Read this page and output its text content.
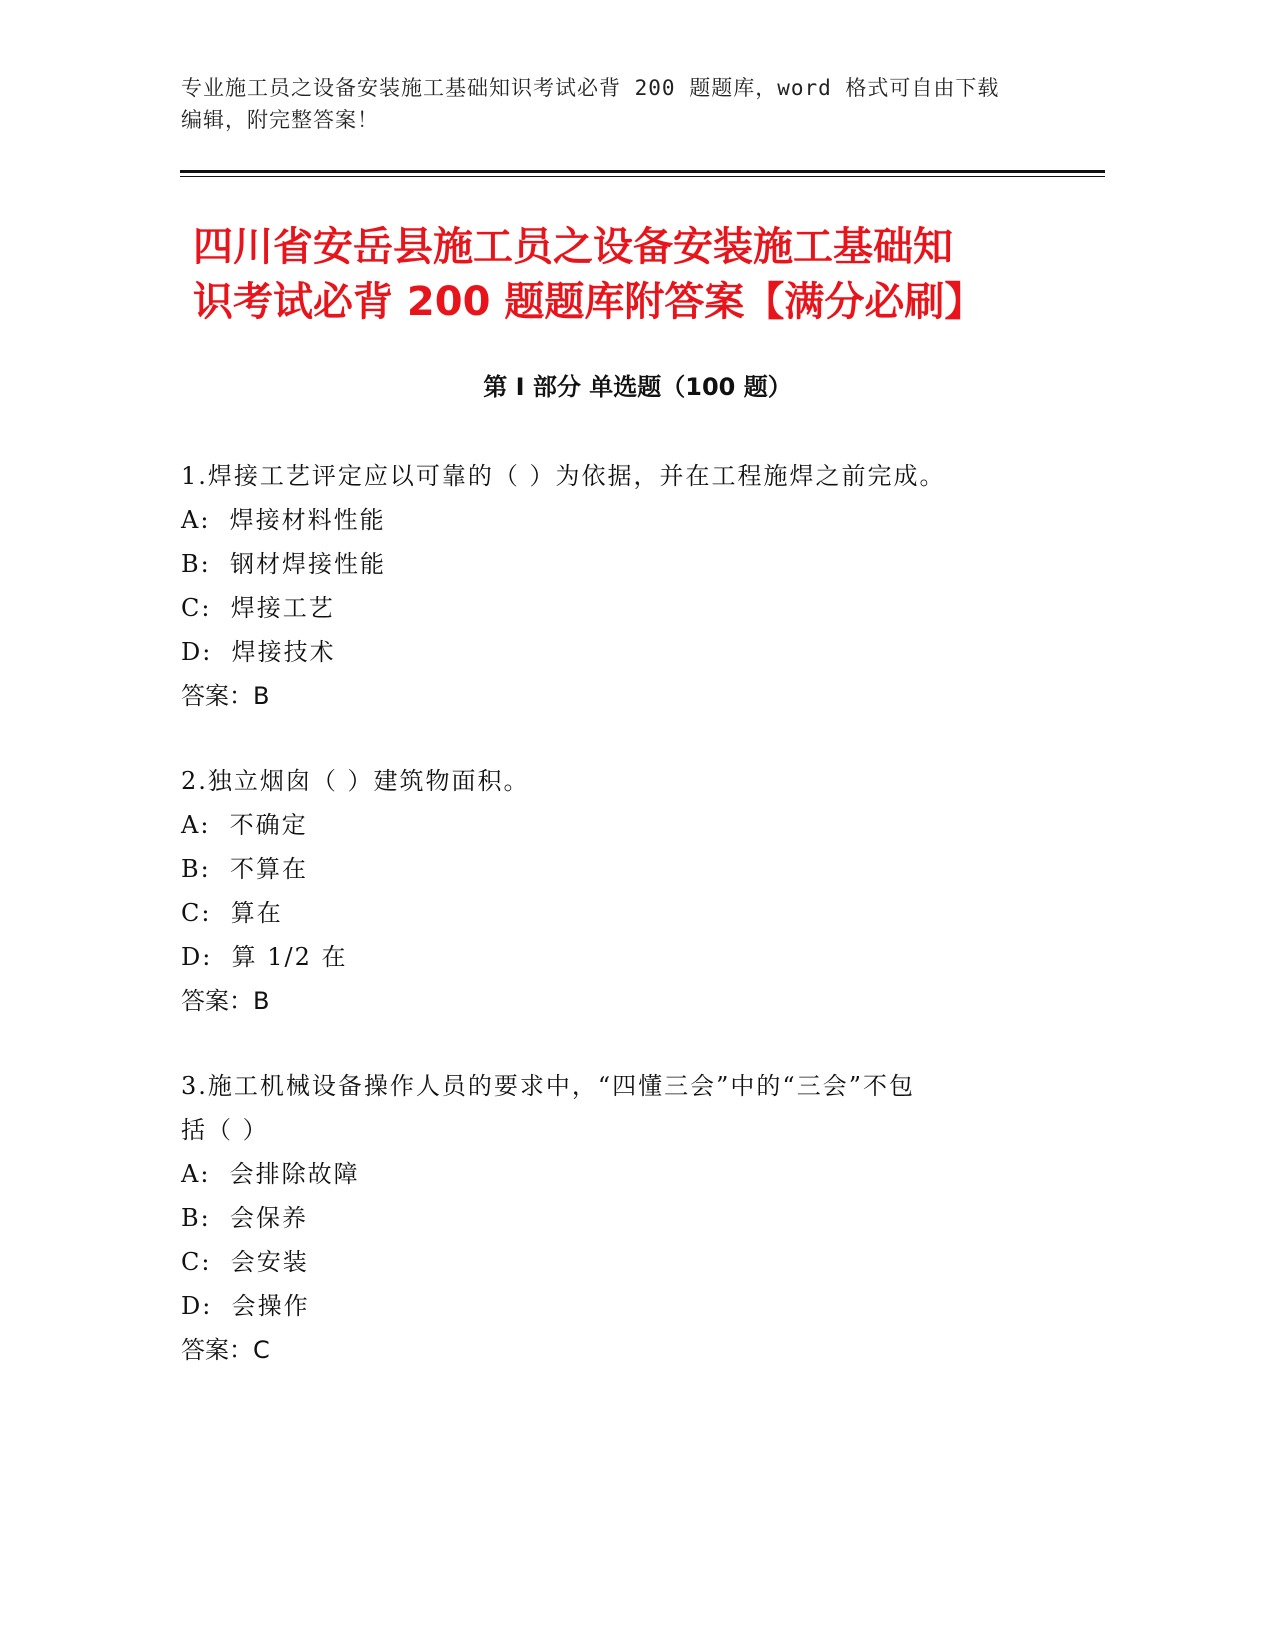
专业施工员之设备安装施工基础知识考试必背 200 题题库，word 格式可自由下载
编辑，附完整答案！
四川省安岳县施工员之设备安装施工基础知
识考试必背 200 题题库附答案【满分必刷】
第 I 部分 单选题（100 题）

1.焊接工艺评定应以可靠的（ ）为依据，并在工程施焊之前完成。

A:  焊接材料性能

B:  钢材焊接性能

C:  焊接工艺

D:  焊接技术

答案：B

2.独立烟囱（ ）建筑物面积。

A:  不确定

B:  不算在

C:  算在

D:  算 1/2 在

答案：B

3.施工机械设备操作人员的要求中，“四懂三会”中的“三会”不包

括（ ）

A:  会排除故障

B:  会保养

C:  会安装

D:  会操作

答案：C
